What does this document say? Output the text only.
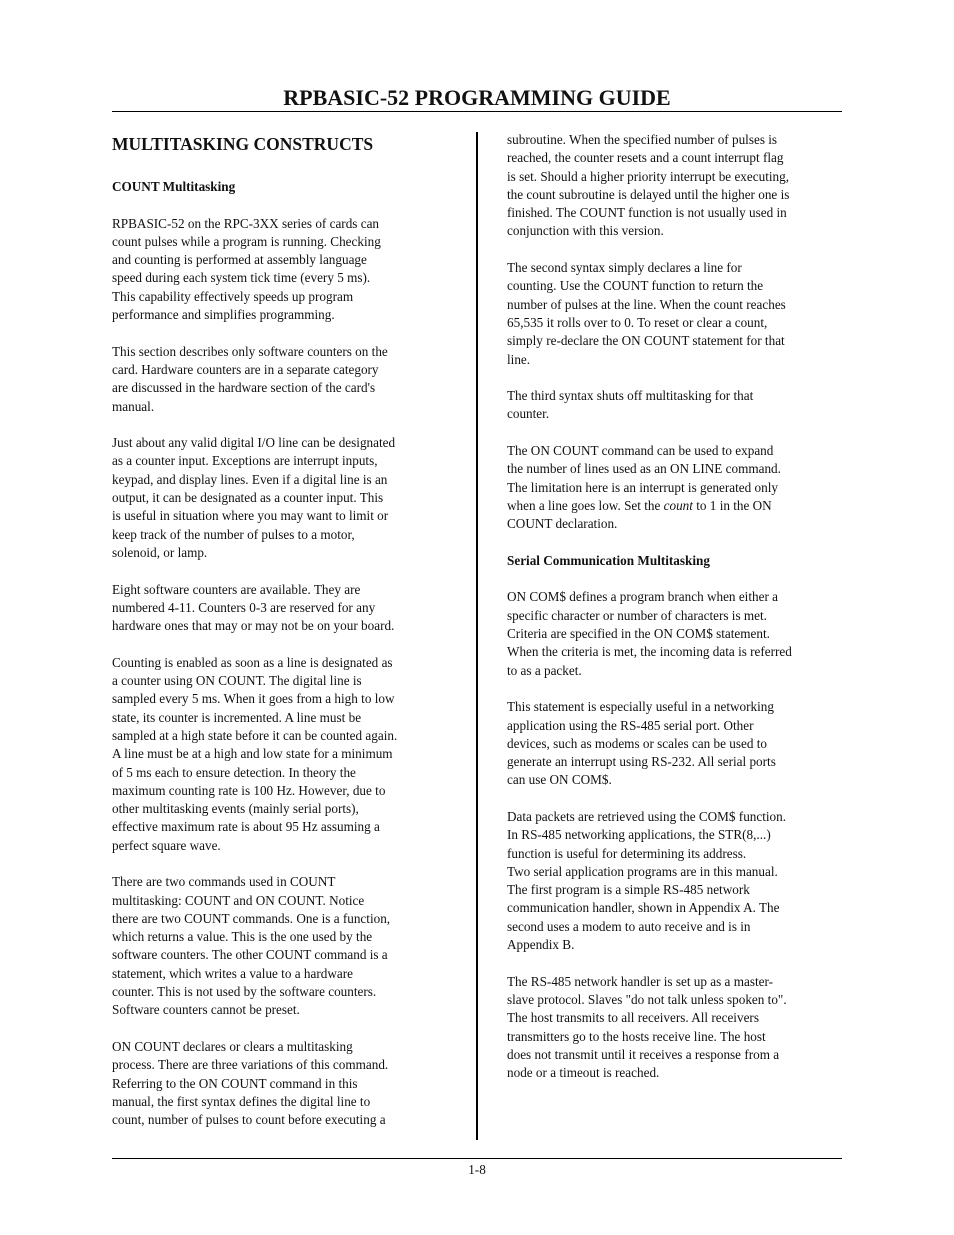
RPBASIC-52 PROGRAMMING GUIDE
MULTITASKING CONSTRUCTS
COUNT Multitasking

RPBASIC-52 on the RPC-3XX series of cards can
count pulses while a program is running. Checking
and counting is performed at assembly language
speed during each system tick time (every 5 ms).
This capability effectively speeds up program
performance and simplifies programming.

This section describes only software counters on the
card. Hardware counters are in a separate category
are discussed in the hardware section of the card's
manual.

Just about any valid digital I/O line can be designated
as a counter input. Exceptions are interrupt inputs,
keypad, and display lines. Even if a digital line is an
output, it can be designated as a counter input. This
is useful in situation where you may want to limit or
keep track of the number of pulses to a motor,
solenoid, or lamp.

Eight software counters are available. They are
numbered 4-11. Counters 0-3 are reserved for any
hardware ones that may or may not be on your board.

Counting is enabled as soon as a line is designated as
a counter using ON COUNT. The digital line is
sampled every 5 ms. When it goes from a high to low
state, its counter is incremented. A line must be
sampled at a high state before it can be counted again.
A line must be at a high and low state for a minimum
of 5 ms each to ensure detection. In theory the
maximum counting rate is 100 Hz. However, due to
other multitasking events (mainly serial ports),
effective maximum rate is about 95 Hz assuming a
perfect square wave.

There are two commands used in COUNT
multitasking: COUNT and ON COUNT. Notice
there are two COUNT commands. One is a function,
which returns a value. This is the one used by the
software counters. The other COUNT command is a
statement, which writes a value to a hardware
counter. This is not used by the software counters.
Software counters cannot be preset.

ON COUNT declares or clears a multitasking
process. There are three variations of this command.
Referring to the ON COUNT command in this
manual, the first syntax defines the digital line to
count, number of pulses to count before executing a

subroutine. When the specified number of pulses is
reached, the counter resets and a count interrupt flag
is set. Should a higher priority interrupt be executing,
the count subroutine is delayed until the higher one is
finished. The COUNT function is not usually used in
conjunction with this version.

The second syntax simply declares a line for
counting. Use the COUNT function to return the
number of pulses at the line. When the count reaches
65,535 it rolls over to 0. To reset or clear a count,
simply re-declare the ON COUNT statement for that
line.

The third syntax shuts off multitasking for that
counter.

The ON COUNT command can be used to expand
the number of lines used as an ON LINE command.
The limitation here is an interrupt is generated only
when a line goes low. Set the count to 1 in the ON
COUNT declaration.

Serial Communication Multitasking

ON COM$ defines a program branch when either a
specific character or number of characters is met.
Criteria are specified in the ON COM$ statement.
When the criteria is met, the incoming data is referred
to as a packet.

This statement is especially useful in a networking
application using the RS-485 serial port. Other
devices, such as modems or scales can be used to
generate an interrupt using RS-232. All serial ports
can use ON COM$.

Data packets are retrieved using the COM$ function.
In RS-485 networking applications, the STR(8,...)
function is useful for determining its address.
Two serial application programs are in this manual.
The first program is a simple RS-485 network
communication handler, shown in Appendix A. The
second uses a modem to auto receive and is in
Appendix B.

The RS-485 network handler is set up as a master-
slave protocol. Slaves "do not talk unless spoken to".
The host transmits to all receivers. All receivers
transmitters go to the hosts receive line. The host
does not transmit until it receives a response from a
node or a timeout is reached.

1-8
